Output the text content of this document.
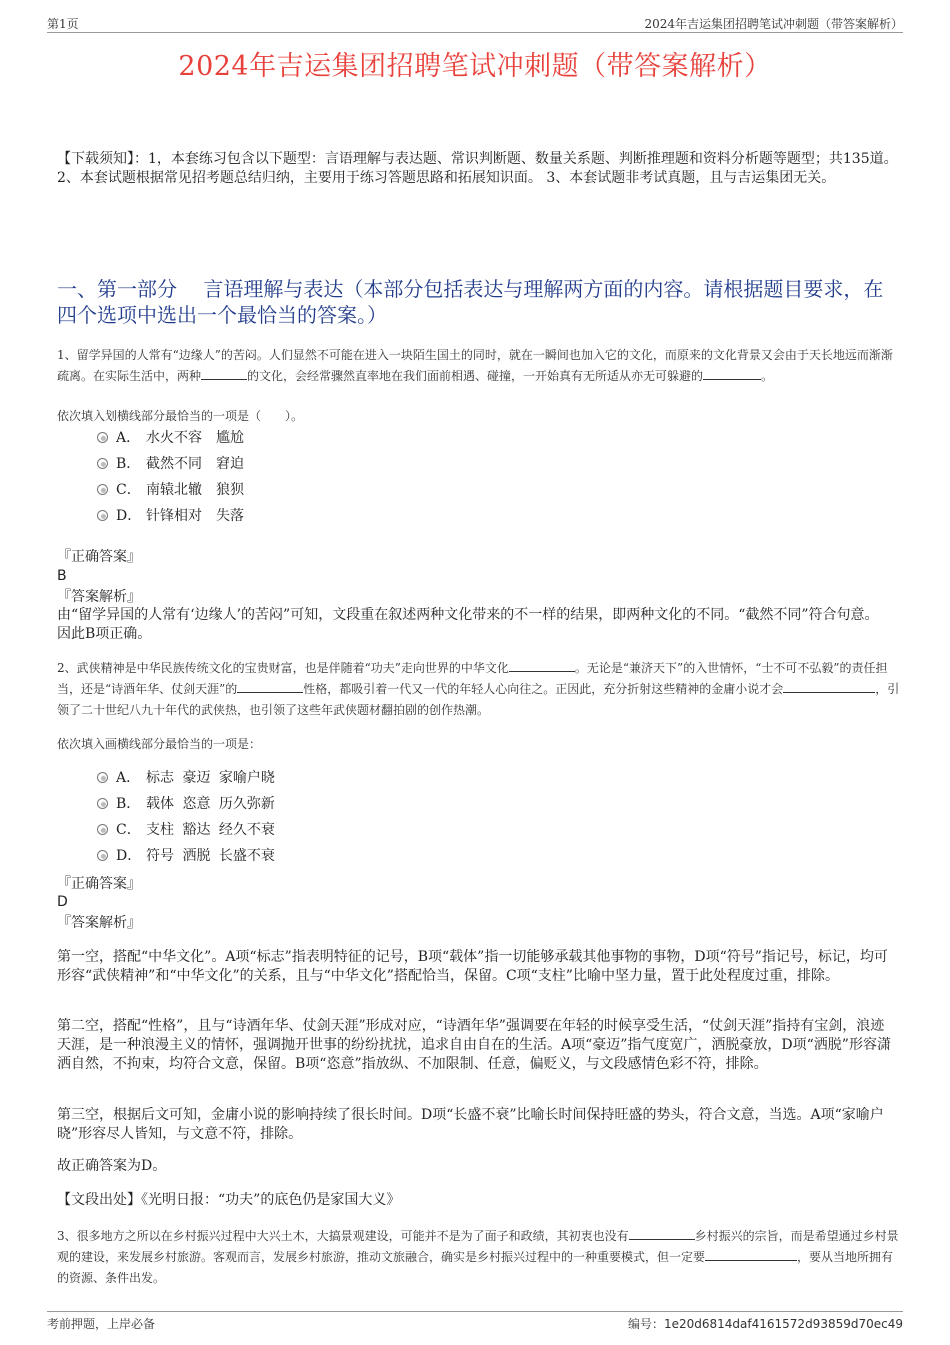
第1页	2024年吉运集团招聘笔试冲刺题（带答案解析）
2024年吉运集团招聘笔试冲刺题（带答案解析）
【下载须知】：1，本套练习包含以下题型：言语理解与表达题、常识判断题、数量关系题、判断推理题和资料分析题等题型；共135道。 2、本套试题根据常见招考题总结归纳，主要用于练习答题思路和拓展知识面。 3、本套试题非考试真题，且与吉运集团无关。
一、第一部分　 言语理解与表达（本部分包括表达与理解两方面的内容。请根据题目要求，在四个选项中选出一个最恰当的答案。）
1、留学异国的人常有“边缘人”的苦闷。人们显然不可能在进入一块陌生国土的同时，就在一瞬间也加入它的文化，而原来的文化背景又会由于天长地远而渐渐疏离。在实际生活中，两种	的文化，会经常骤然直率地在我们面前相遇、碰撞，一开始真有无所适从亦无可躲避的	。
依次填入划横线部分最恰当的一项是（　　）。
A． 水火不容　尴尬
B． 截然不同　窘迫
C． 南辕北辙　狼狈
D． 针锋相对　失落
『正确答案』
B
『答案解析』
由“留学异国的人常有‘边缘人’的苦闷”可知，文段重在叙述两种文化带来的不一样的结果，即两种文化的不同。“截然不同”符合句意。因此B项正确。
2、武侠精神是中华民族传统文化的宝贵财富，也是伴随着“功夫”走向世界的中华文化	。无论是“兼济天下”的入世情怀，“士不可不弘毅”的责任担当，还是“诗酒年华、仗剑天涯”的	性格，都吸引着一代又一代的年轻人心向往之。正因此，充分折射这些精神的金庸小说才会	，引领了二十世纪八九十年代的武侠热，也引领了这些年武侠题材翻拍剧的创作热潮。
依次填入画横线部分最恰当的一项是：
A． 标志 豪迈 家喻户晓
B． 载体 恣意 历久弥新
C． 支柱 豁达 经久不衰
D． 符号 洒脱 长盛不衰
『正确答案』
D
『答案解析』
第一空，搭配“中华文化”。A项“标志”指表明特征的记号，B项“载体”指一切能够承载其他事物的事物，D项“符号”指记号，标记，均可形容“武侠精神”和“中华文化”的关系，且与“中华文化”搭配恰当，保留。C项“支柱”比喻中坚力量，置于此处程度过重，排除。
第二空，搭配“性格”，且与“诗酒年华、仗剑天涯”形成对应，“诗酒年华”强调要在年轻的时候享受生活，“仗剑天涯”指持有宝剑，浪迹天涯，是一种浪漫主义的情怀，强调抛开世事的纷纷扰扰，追求自由自在的生活。A项“豪迈”指气度宽广，洒脱豪放，D项“洒脱”形容潇洒自然，不拘束，均符合文意，保留。B项“恣意”指放纵、不加限制、任意，偏贬义，与文段感情色彩不符，排除。
第三空，根据后文可知，金庸小说的影响持续了很长时间。D项“长盛不衰”比喻长时间保持旺盛的势头，符合文意，当选。A项“家喻户晓”形容尽人皆知，与文意不符，排除。
故正确答案为D。
【文段出处】《光明日报：“功夫”的底色仍是家国大义》
3、很多地方之所以在乡村振兴过程中大兴土木，大搞景观建设，可能并不是为了面子和政绩，其初衷也没有	乡村振兴的宗旨，而是希望通过乡村景观的建设，来发展乡村旅游。客观而言，发展乡村旅游，推动文旅融合，确实是乡村振兴过程中的一种重要模式，但一定要	，要从当地所拥有的资源、条件出发。
考前押题，上岸必备	编号：1e20d6814daf4161572d93859d70ec49
